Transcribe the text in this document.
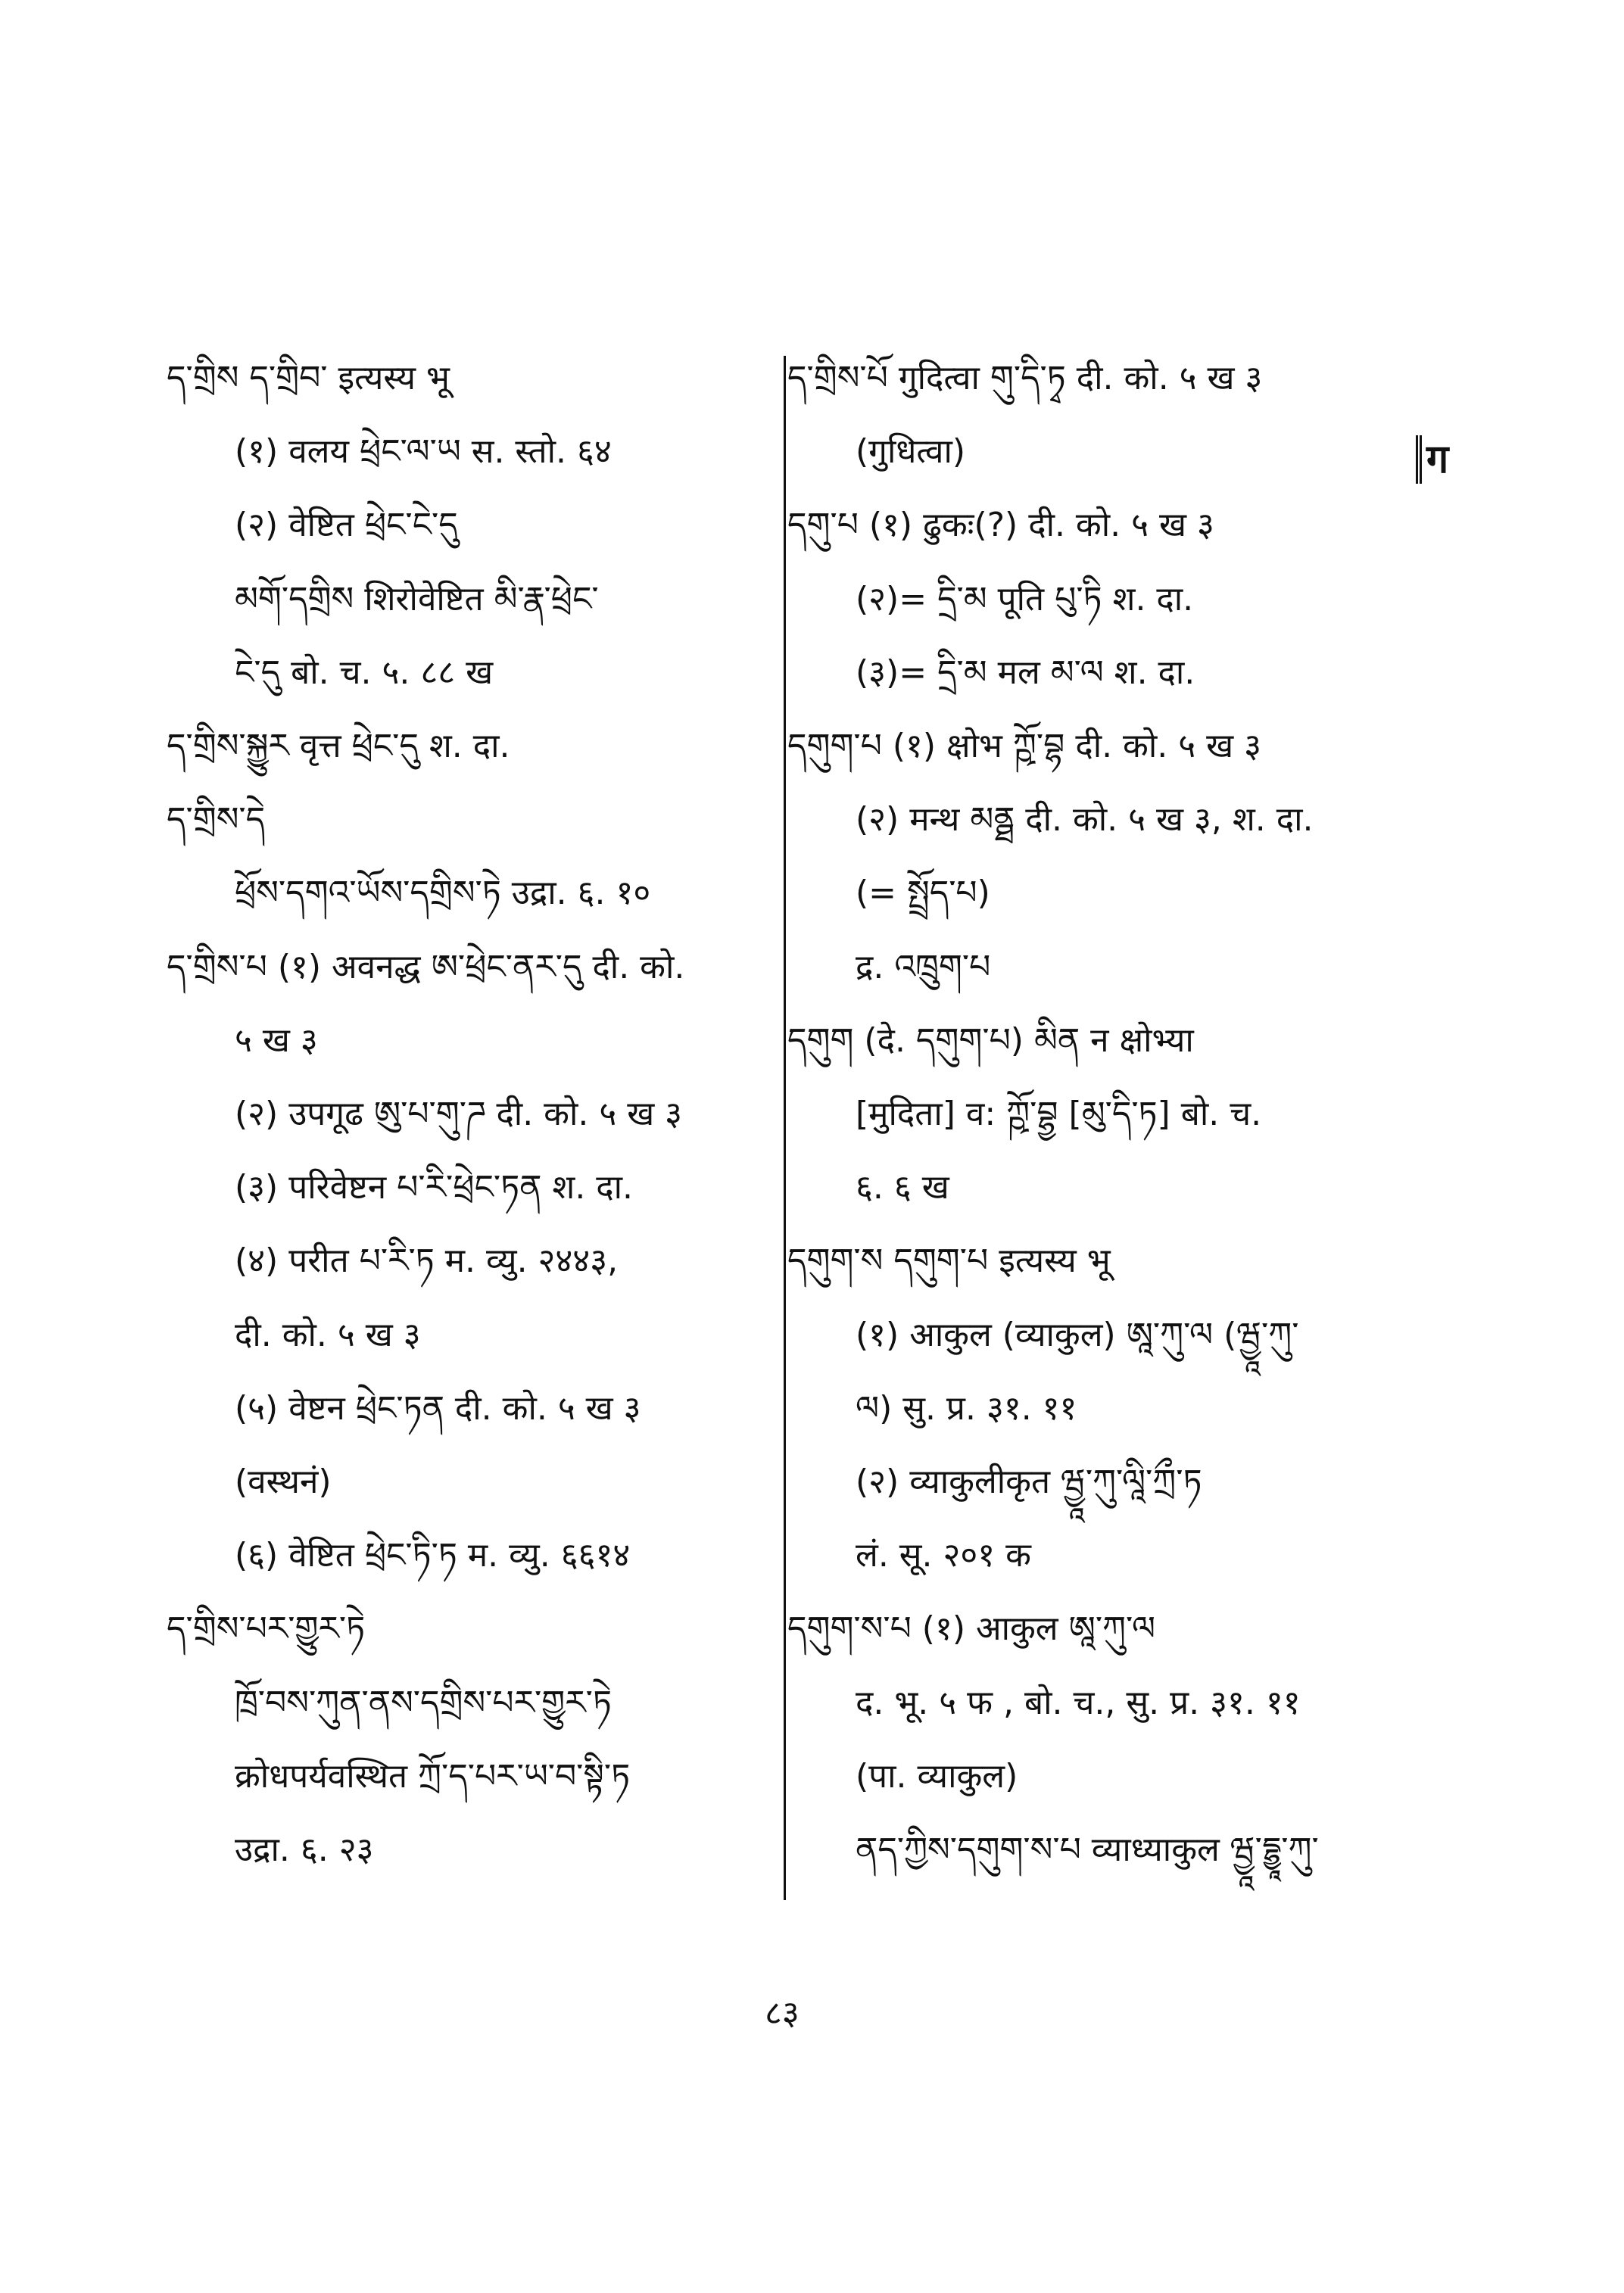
ད་གྲིས ད་གྲིབ་ इत्यस्य भू
(१) वलय ཕྲེང་ལ་ཡ स. स्तो. ६४
(२) वेष्टित ཕྲེང་ངེ་དུ
མགོ་དགྲིས शिरोवेष्टित མི་རྣ་ཕྲེང་
ངེ་དུ बो. च. ५. ८८ ख
ད་གྲིས་སྐྱུར वृत्त ཕྲེང་དུ श. दा.
ད་གྲིས་དེ
ཕྲོས་དགའ་ཡོས་དགྲིས་ཏེ उद्रा. ६. १०
ད་གྲིས་པ (१) अवनद्ध ཨ་ཕྲེང་ནར་དུ दी. को.
५ ख ३
(२) उपगूढ ཨུ་པ་གུ་ཌ दी. को. ५ ख ३
(३) परिवेष्टन པ་རི་ཕྲེང་ཏན श. दा.
(४) परीत པ་རི་ཏ म. व्यु. २४४३,
दी. को. ५ ख ३
(५) वेष्टन ཕྲེང་ཏན दी. को. ५ ख ३
(वस्थनं)
(६) वेष्टित ཕྲེང་ཏི་ཏ म. व्यु. ६६१४
ད་གྲིས་པར་གྱུར་ཏེ
ཁྲོ་བས་ཀུན་ནས་དགྲིས་པར་གྱུར་ཏེ
क्रोधपर्यवस्थित ཀྲོ་ད་པར་ཡ་བ་སྟི་ཏ
उद्रा. ६. २३
ད་གྲིས་པོ गुदित्वा གུ་དི་ཏྭ दी. को. ५ ख ३
(गुधित्वा)
དགུ་པ (१) ढुकः(?) दी. को. ५ ख ३
(२)= དྲི་མ पूति པུ་ཏི श. दा.
(३)= དྲི་མ मल མ་ལ श. दा.
དགུག་པ (१) क्षोभ ཀྵོ་བྷ दी. को. ५ ख ३
(२) मन्थ མནྠ दी. को. ५ ख ३, श. दा.
(= སྤྲོད་པ)
द्र. འཁྲུག་པ
དགུག (दे. དགུག་པ) མིན न क्षोभ्या
[मुदिता] व: ཀྵོ་བྷྱ [མུ་དི་ཏ] बो. च.
६. ६ ख
དགུག་ས དགུག་པ इत्यस्य भू
(१) आकुल (व्याकुल) ཨཱ་ཀུ་ལ (ཝྱཱ་ཀུ་
ལ) सु. प्र. ३१. ११
(२) व्याकुलीकृत ཝྱཱ་ཀུ་ལཱི་ཀྲྀ་ཏ
लं. सू. २०१ क
དགུག་ས་པ (१) आकुल ཨཱ་ཀུ་ལ
द. भू. ५ फ , बो. च., सु. प्र. ३१. ११
(पा. व्याकुल)
ནད་ཀྱིས་དགུག་ས་པ व्याध्याकुल ཝྱཱ་དྷྱཱ་ཀུ་
ग
८३
